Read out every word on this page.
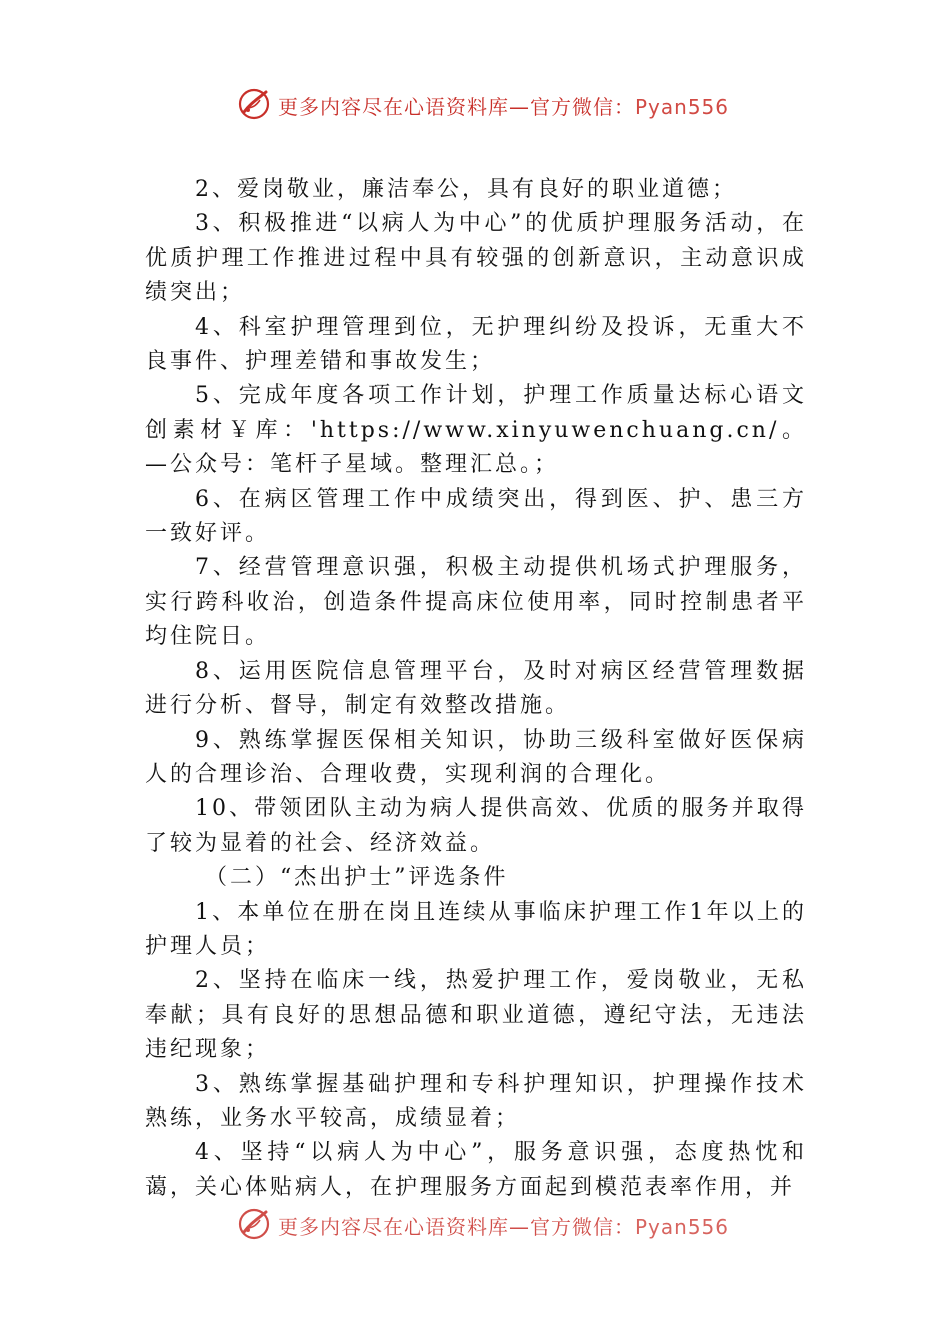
更多内容尽在心语资料库—官方微信：Pyan556

2、爱岗敬业，廉洁奉公，具有良好的职业道德；

3、积极推进“以病人为中心”的优质护理服务活动，在优质护理工作推进过程中具有较强的创新意识，主动意识成绩突出；

4、科室护理管理到位，无护理纠纷及投诉，无重大不良事件、护理差错和事故发生；

5、完成年度各项工作计划，护理工作质量达标心语文创素材￥库：'https://www.xinyuwenchuang.cn/。—公众号：笔杆子星域。整理汇总。；

6、在病区管理工作中成绩突出，得到医、护、患三方一致好评。

7、经营管理意识强，积极主动提供机场式护理服务，实行跨科收治，创造条件提高床位使用率，同时控制患者平均住院日。

8、运用医院信息管理平台，及时对病区经营管理数据进行分析、督导，制定有效整改措施。

9、熟练掌握医保相关知识，协助三级科室做好医保病人的合理诊治、合理收费，实现利润的合理化。

10、带领团队主动为病人提供高效、优质的服务并取得了较为显着的社会、经济效益。

（二）“杰出护士”评选条件

1、本单位在册在岗且连续从事临床护理工作1年以上的护理人员；

2、坚持在临床一线，热爱护理工作，爱岗敬业，无私奉献；具有良好的思想品德和职业道德，遵纪守法，无违法违纪现象；

3、熟练掌握基础护理和专科护理知识，护理操作技术熟练，业务水平较高，成绩显着；

4、坚持“以病人为中心”，服务意识强，态度热忱和蔼，关心体贴病人，在护理服务方面起到模范表率作用，并

更多内容尽在心语资料库—官方微信：Pyan556
